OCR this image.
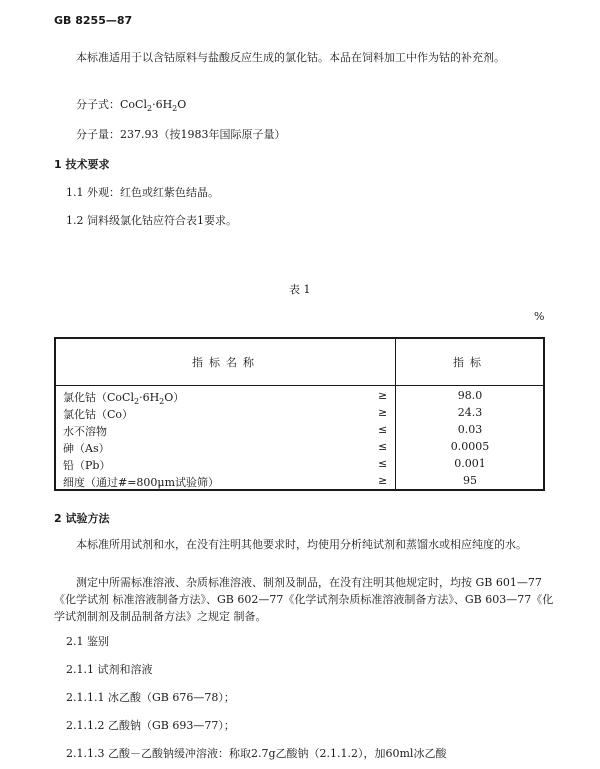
GB 8255—87
本标准适用于以含钴原料与盐酸反应生成的氯化钴。本品在饲料加工中作为钴的补充剂。
分子式：$CoCl_2\cdot 6H_2O$
分子量：237.93（按1983年国际原子量）
1 技术要求
1.1 外观：红色或红紫色结晶。
1.2 饲料级氯化钴应符合表1要求。
表 1
%
指标名称	指标
氯化钴$(CoCl_2\cdot 6H_2O)$	≥	98.0
氯化钴（Co）	≥	24.3
水不溶物	≤	0.03
砷（As）	≤	0.0005
铅（Pb）	≤	0.001
细度（通过#=800μm试验筛）	≥	95
2 试验方法
本标准所用试剂和水，在没有注明其他要求时，均使用分析纯试剂和蒸馏水或相应纯度的水。
测定中所需标准溶液、杂质标准溶液、制剂及制品，在没有注明其他规定时，均按 GB 601—77《化学试剂 标准溶液制备方法》、GB 602—77《化学试剂杂质标准溶液制备方法》、GB 603—77《化学试剂制剂及制品制备方法》之规定 制备。
2.1 鉴别
2.1.1 试剂和溶液
2.1.1.1 冰乙酸（GB 676—78）；
2.1.1.2 乙酸钠（GB 693—77）；
2.1.1.3 乙酸－乙酸钠缓冲溶液：称取2.7g乙酸钠（2.1.1.2），加60ml冰乙酸
